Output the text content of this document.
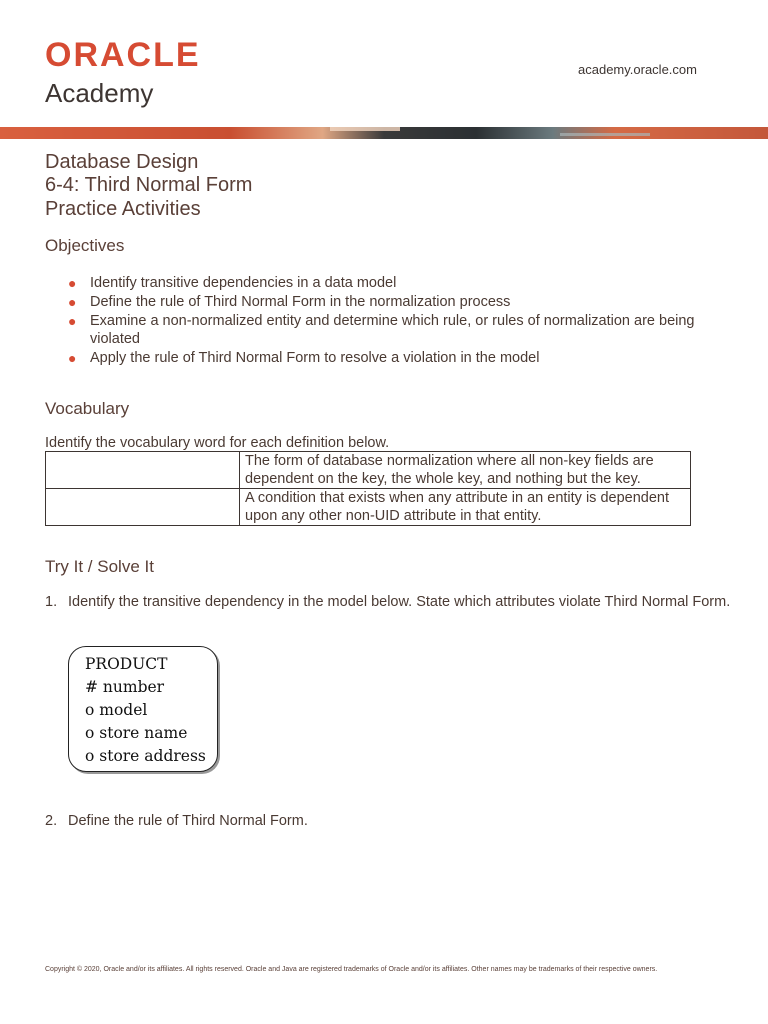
ORACLE
Academy
academy.oracle.com
Database Design
6-4: Third Normal Form
Practice Activities
Objectives
● Identify transitive dependencies in a data model
● Define the rule of Third Normal Form in the normalization process
● Examine a non-normalized entity and determine which rule, or rules of normalization are being violated
● Apply the rule of Third Normal Form to resolve a violation in the model
Vocabulary
Identify the vocabulary word for each definition below.
	The form of database normalization where all non-key fields are dependent on the key, the whole key, and nothing but the key.
	A condition that exists when any attribute in an entity is dependent upon any other non-UID attribute in that entity.
Try It / Solve It
1. Identify the transitive dependency in the model below. State which attributes violate Third Normal Form.
PRODUCT
# number
o model
o store name
o store address
2. Define the rule of Third Normal Form.
Copyright © 2020, Oracle and/or its affiliates. All rights reserved. Oracle and Java are registered trademarks of Oracle and/or its affiliates. Other names may be trademarks of their respective owners.
